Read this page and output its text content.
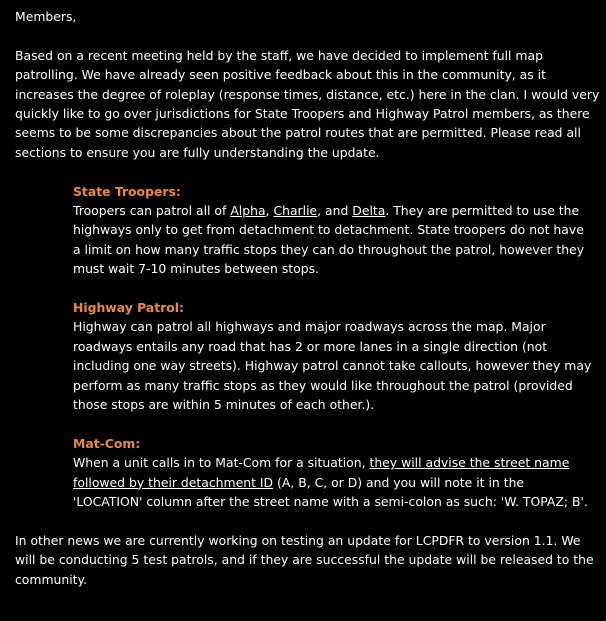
Members,

Based on a recent meeting held by the staff, we have decided to implement full map patrolling. We have already seen positive feedback about this in the community, as it increases the degree of roleplay (response times, distance, etc.) here in the clan. I would very quickly like to go over jurisdictions for State Troopers and Highway Patrol members, as there seems to be some discrepancies about the patrol routes that are permitted. Please read all sections to ensure you are fully understanding the update.

State Troopers:

Troopers can patrol all of Alpha, Charlie, and Delta. They are permitted to use the highways only to get from detachment to detachment. State troopers do not have a limit on how many traffic stops they can do throughout the patrol, however they must wait 7-10 minutes between stops.

Highway Patrol:

Highway can patrol all highways and major roadways across the map. Major roadways entails any road that has 2 or more lanes in a single direction (not including one way streets). Highway patrol cannot take callouts, however they may perform as many traffic stops as they would like throughout the patrol (provided those stops are within 5 minutes of each other.).

Mat-Com:

When a unit calls in to Mat-Com for a situation, they will advise the street name followed by their detachment ID (A, B, C, or D) and you will note it in the 'LOCATION' column after the street name with a semi-colon as such: 'W. TOPAZ; B'.

In other news we are currently working on testing an update for LCPDFR to version 1.1. We will be conducting 5 test patrols, and if they are successful the update will be released to the community.
